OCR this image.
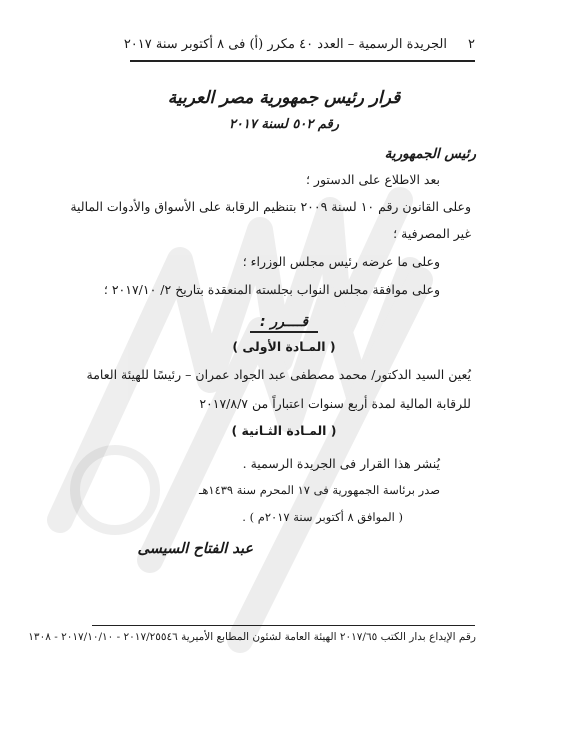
٢
الجريدة الرسمية – العدد ٤٠ مكرر (أ) فى ٨ أكتوبر سنة ٢٠١٧
قرار رئيس جمهورية مصر العربية
رقم ٥٠٢ لسنة ٢٠١٧
رئيس الجمهورية
بعد الاطلاع على الدستور ؛
وعلى القانون رقم ١٠ لسنة ٢٠٠٩ بتنظيم الرقابة على الأسواق والأدوات المالية
غير المصرفية ؛
وعلى ما عرضه رئيس مجلس الوزراء ؛
وعلى موافقة مجلس النواب بجلسته المنعقدة بتاريخ ٢/ ٢٠١٧/١٠ ؛
قــــرر :
( المـادة الأولى )
يُعين السيد الدكتور/ محمد مصطفى عبد الجواد عمران – رئيسًا للهيئة العامة
للرقابة المالية لمدة أربع سنوات اعتباراً من ٢٠١٧/٨/٧
( المـادة الثـانية )
يُنشر هذا القرار فى الجريدة الرسمية .
صدر برئاسة الجمهورية فى ١٧ المحرم سنة ١٤٣٩هـ
( الموافق ٨ أكتوبر سنة ٢٠١٧م ) .
عبد الفتاح السيسى
رقم الإيداع بدار الكتب ٢٠١٧/٦٥ الهيئة العامة لشئون المطابع الأميرية ٢٠١٧/٢٥٥٤٦ - ٢٠١٧/١٠/١٠ - ١٣٠٨
